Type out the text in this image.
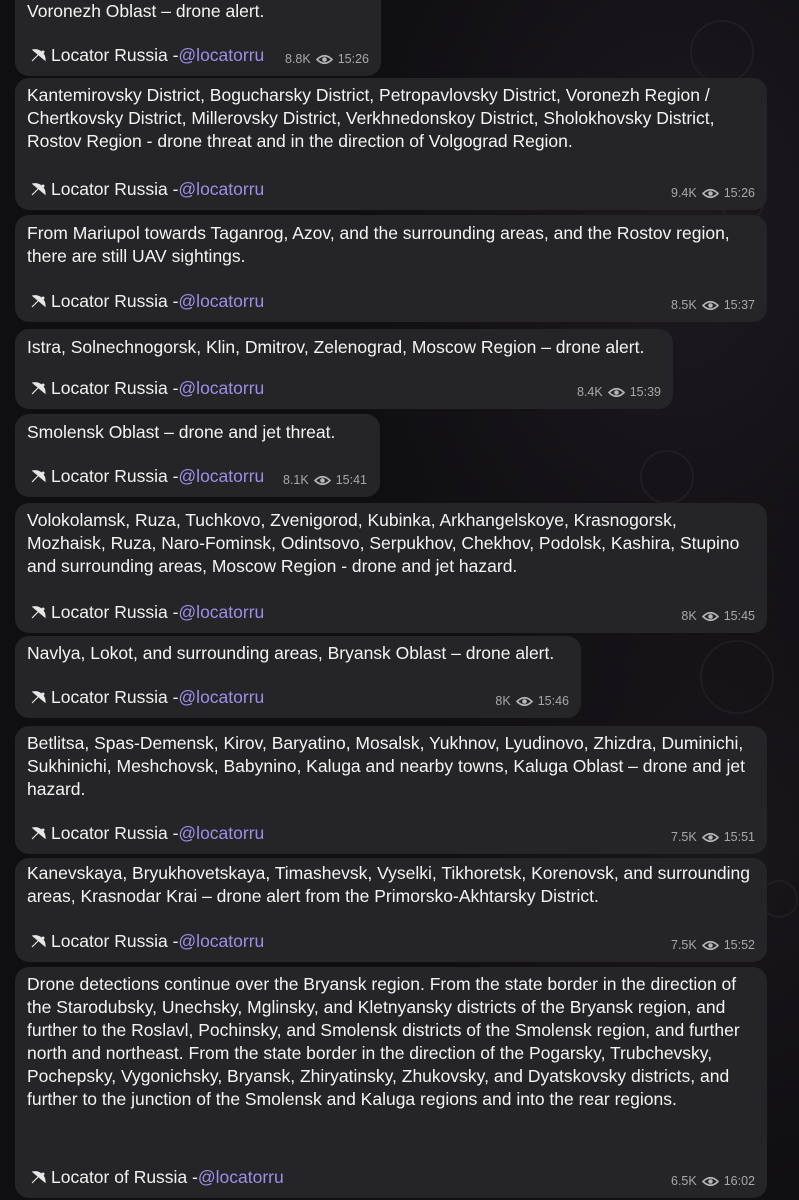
Voronezh Oblast – drone alert.
Locator Russia - @locatorru 8.8K 15:26
Kantemirovsky District, Bogucharsky District, Petropavlovsky District, Voronezh Region / Chertkovsky District, Millerovsky District, Verkhnedonskoy District, Sholokhovsky District, Rostov Region - drone threat and in the direction of Volgograd Region.
Locator Russia - @locatorru	9.4K 15:26
From Mariupol towards Taganrog, Azov, and the surrounding areas, and the Rostov region, there are still UAV sightings.
Locator Russia - @locatorru	8.5K 15:37
Istra, Solnechnogorsk, Klin, Dmitrov, Zelenograd, Moscow Region – drone alert.
Locator Russia - @locatorru	8.4K 15:39
Smolensk Oblast – drone and jet threat.
Locator Russia - @locatorru 8.1K 15:41
Volokolamsk, Ruza, Tuchkovo, Zvenigorod, Kubinka, Arkhangelskoye, Krasnogorsk, Mozhaisk, Ruza, Naro-Fominsk, Odintsovo, Serpukhov, Chekhov, Podolsk, Kashira, Stupino and surrounding areas, Moscow Region - drone and jet hazard.
Locator Russia - @locatorru	8K 15:45
Navlya, Lokot, and surrounding areas, Bryansk Oblast – drone alert.
Locator Russia - @locatorru	8K 15:46
Betlitsa, Spas-Demensk, Kirov, Baryatino, Mosalsk, Yukhnov, Lyudinovo, Zhizdra, Duminichi, Sukhinichi, Meshchovsk, Babynino, Kaluga and nearby towns, Kaluga Oblast – drone and jet hazard.
Locator Russia - @locatorru	7.5K 15:51
Kanevskaya, Bryukhovetskaya, Timashevsk, Vyselki, Tikhoretsk, Korenovsk, and surrounding areas, Krasnodar Krai – drone alert from the Primorsko-Akhtarsky District.
Locator Russia - @locatorru	7.5K 15:52
Drone detections continue over the Bryansk region. From the state border in the direction of the Starodubsky, Unechsky, Mglinsky, and Kletnyansky districts of the Bryansk region, and further to the Roslavl, Pochinsky, and Smolensk districts of the Smolensk region, and further north and northeast. From the state border in the direction of the Pogarsky, Trubchevsky, Pochepsky, Vygonichsky, Bryansk, Zhiryatinsky, Zhukovsky, and Dyatskovsky districts, and further to the junction of the Smolensk and Kaluga regions and into the rear regions.
Locator of Russia - @locatorru	6.5K 16:02
